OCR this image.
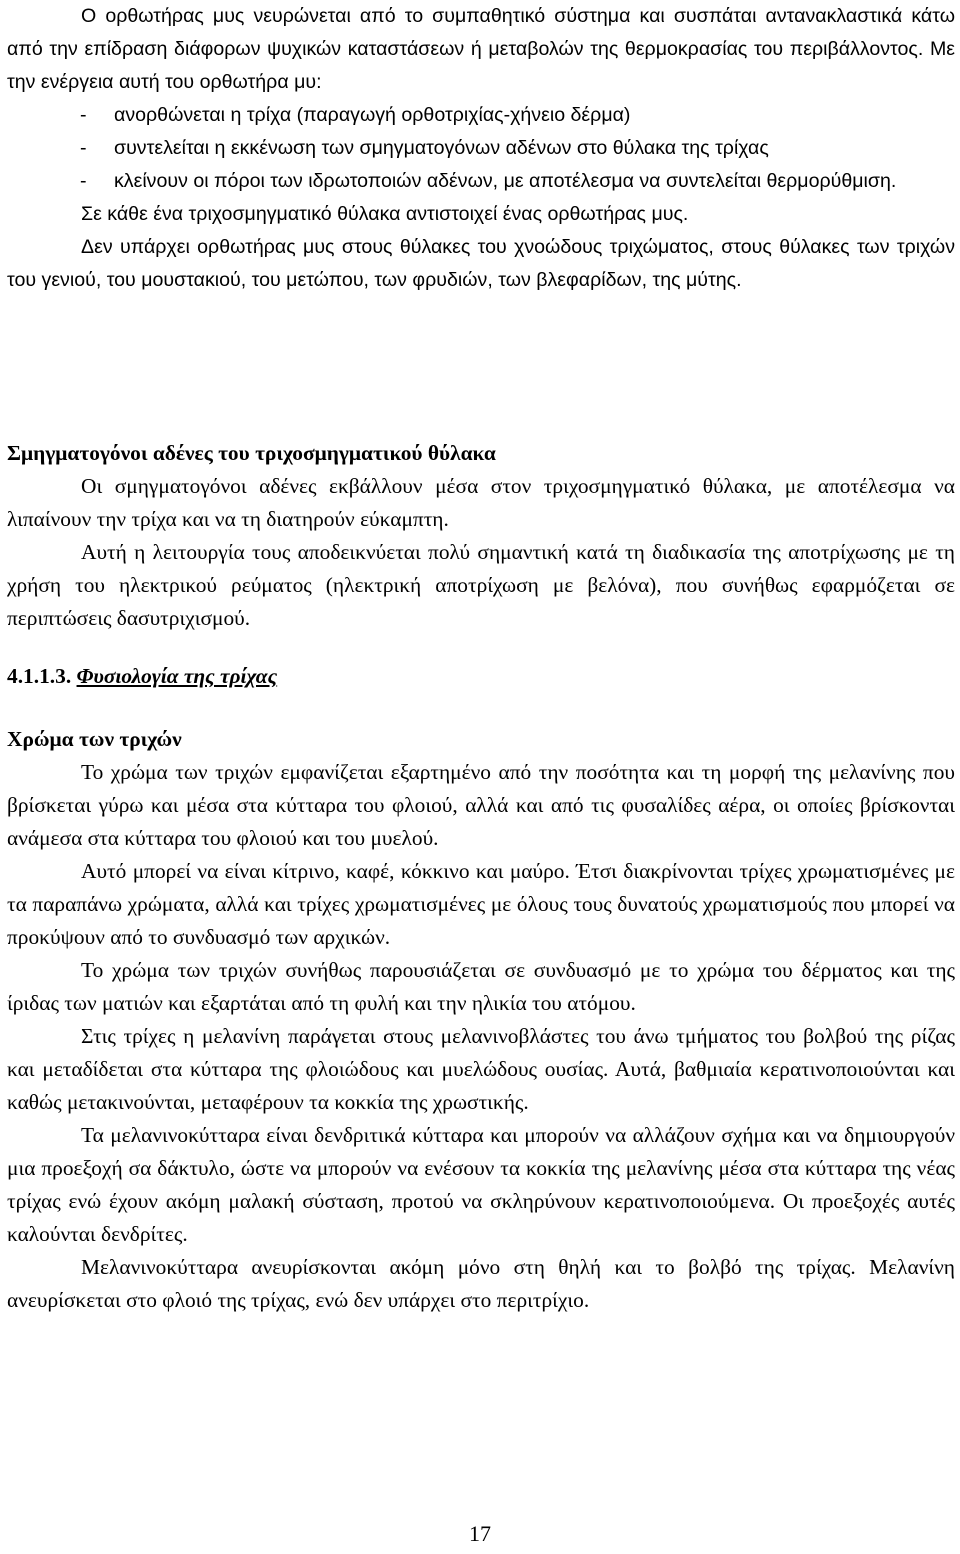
Ο ορθωτήρας μυς νευρώνεται από το συμπαθητικό σύστημα και συσπάται αντανακλαστικά κάτω από την επίδραση διάφορων ψυχικών καταστάσεων ή μεταβολών της θερμοκρασίας του περιβάλλοντος. Με την ενέργεια αυτή του ορθωτήρα μυ:

- ανορθώνεται η τρίχα (παραγωγή ορθοτριχίας-χήνειο δέρμα)
- συντελείται η εκκένωση των σμηγματογόνων αδένων στο θύλακα της τρίχας
- κλείνουν οι πόροι των ιδρωτοποιών αδένων, με αποτέλεσμα να συντελείται θερμορύθμιση.

Σε κάθε ένα τριχοσμηγματικό θύλακα αντιστοιχεί ένας ορθωτήρας μυς.

Δεν υπάρχει ορθωτήρας μυς στους θύλακες του χνοώδους τριχώματος, στους θύλακες των τριχών του γενιού, του μουστακιού, του μετώπου, των φρυδιών, των βλεφαρίδων, της μύτης.

Σμηγματογόνοι αδένες του τριχοσμηγματικού θύλακα

Οι σμηγματογόνοι αδένες εκβάλλουν μέσα στον τριχοσμηγματικό θύλακα, με αποτέλεσμα να λιπαίνουν την τρίχα και να τη διατηρούν εύκαμπτη.

Αυτή η λειτουργία τους αποδεικνύεται πολύ σημαντική κατά τη διαδικασία της αποτρίχωσης με τη χρήση του ηλεκτρικού ρεύματος (ηλεκτρική αποτρίχωση με βελόνα), που συνήθως εφαρμόζεται σε περιπτώσεις δασυτριχισμού.

4.1.1.3. Φυσιολογία της τρίχας

Χρώμα των τριχών

Το χρώμα των τριχών εμφανίζεται εξαρτημένο από την ποσότητα και τη μορφή της μελανίνης που βρίσκεται γύρω και μέσα στα κύτταρα του φλοιού, αλλά και από τις φυσαλίδες αέρα, οι οποίες βρίσκονται ανάμεσα στα κύτταρα του φλοιού και του μυελού.

Αυτό μπορεί να είναι κίτρινο, καφέ, κόκκινο και μαύρο. Έτσι διακρίνονται τρίχες χρωματισμένες με τα παραπάνω χρώματα, αλλά και τρίχες χρωματισμένες με όλους τους δυνατούς χρωματισμούς που μπορεί να προκύψουν από το συνδυασμό των αρχικών.

Το χρώμα των τριχών συνήθως παρουσιάζεται σε συνδυασμό με το χρώμα του δέρματος και της ίριδας των ματιών και εξαρτάται από τη φυλή και την ηλικία του ατόμου.

Στις τρίχες η μελανίνη παράγεται στους μελανινοβλάστες του άνω τμήματος του βολβού της ρίζας και μεταδίδεται στα κύτταρα της φλοιώδους και μυελώδους ουσίας. Αυτά, βαθμιαία κερατινοποιούνται και καθώς μετακινούνται, μεταφέρουν τα κοκκία της χρωστικής.

Τα μελανινοκύτταρα είναι δενδριτικά κύτταρα και μπορούν να αλλάζουν σχήμα και να δημιουργούν μια προεξοχή σα δάκτυλο, ώστε να μπορούν να ενέσουν τα κοκκία της μελανίνης μέσα στα κύτταρα της νέας τρίχας ενώ έχουν ακόμη μαλακή σύσταση, προτού να σκληρύνουν κερατινοποιούμενα. Οι προεξοχές αυτές καλούνται δενδρίτες.

Μελανινοκύτταρα ανευρίσκονται ακόμη μόνο στη θηλή και το βολβό της τρίχας. Μελανίνη ανευρίσκεται στο φλοιό της τρίχας, ενώ δεν υπάρχει στο περιτρίχιο.

17
